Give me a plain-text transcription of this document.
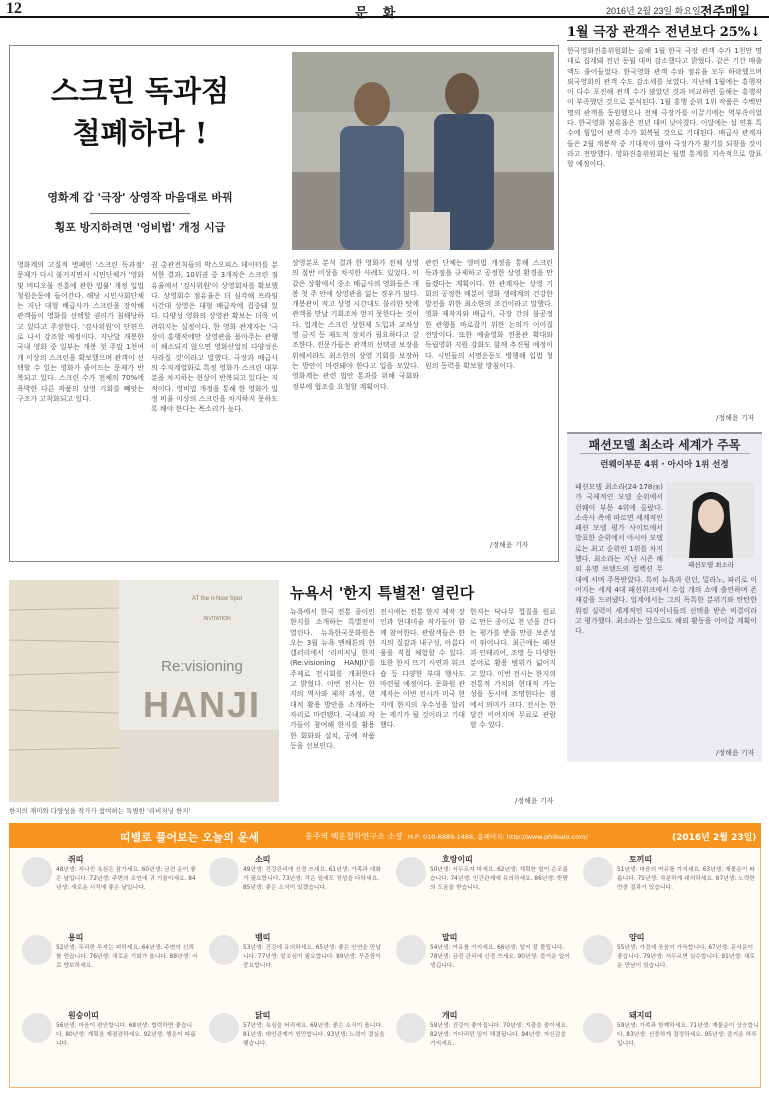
12	문 화	2016년 2월 23일 화요일 전주매일
스크린 독과점
철폐하라 !
영화계 갑 '극장' 상영작 마음대로 바꿔
횡포 방지하려면 '엉비법' 개정 시급
영화계의 고질적 병폐인 '스크린 독과점' 문제가 다시 불거지면서 시민단체가 '영화 및 비디오물 진흥에 관한 법률' 개정 입법 청원운동에 들어간다. 해당 시민사회단체는 지난 대형 배급사가 스크린을 장악해 관객들이 영화를 선택할 권리가 침해당하고 있다고 주장한다. '검사위원'이 단편으로 나서 강조할 예정이다. 지난달 개봉한 국내 영화 중 일부는 개봉 첫 주말 1천여 개 이상의 스크린을 확보했으며 관객이 선택할 수 있는 영화가 줄어드는 문제가 반복되고 있다. 스크린 수가 전체의 70%에 육박한 다른 작품의 상영 기회를 빼앗는 구조가 고착화되고 있다.
권 총관전칙들의 박스오피스 데이터를 분석한 결과, 10위권 중 3개작은 스크린 점유율에서 '검사위원'이 상영회차를 확보했다. 상영회수 점유율은 더 심각해 프라임 시간대 상영은 대형 배급작에 집중돼 있다. 다양성 영화의 상영관 확보는 더욱 어려워지는 실정이다. 한 영화 관계자는 '극장이 흥행작에만 상영관을 몰아주는 관행이 해소되지 않으면 영화산업의 다양성은 사라질 것'이라고 말했다. 극장과 배급사의 수직계열화로 특정 영화가 스크린 대부분을 차지하는 현상이 반복되고 있다는 지적이다. 영비법 개정을 통해 한 영화가 일정 비율 이상의 스크린을 차지하지 못하도록 해야 한다는 목소리가 높다.
상영분포 분석 결과 한 영화가 전체 상영의 절반 이상을 차지한 사례도 있었다. 이 같은 상황에서 중소 배급사의 영화들은 개봉 첫 주 안에 상영관을 잃는 경우가 많다. 개봉관이 적고 상영 시간대도 불리한 탓에 관객을 만날 기회조차 얻지 못한다는 것이다. 업계는 스크린 상한제 도입과 교차상영 금지 등 제도적 장치가 필요하다고 강조한다. 전문가들은 관객의 선택권 보장을 위해서라도 최소한의 상영 기회를 보장하는 방안이 마련돼야 한다고 입을 모았다. 영화계는 관련 법안 통과를 위해 국회와 정부에 협조를 요청할 계획이다.
관련 단체는 영비법 개정을 통해 스크린 독과점을 규제하고 공정한 상영 환경을 만들겠다는 계획이다. 한 관계자는 상영 기회의 공정한 배분이 영화 생태계의 건강한 발전을 위한 최소한의 조건이라고 말했다. 영화 제작자와 배급사, 극장 간의 불공정한 관행을 바로잡기 위한 논의가 이어질 전망이다. 또한 예술영화 전용관 확대와 독립영화 지원 강화도 함께 추진될 예정이다. 시민들의 서명운동도 병행해 입법 청원의 동력을 확보할 방침이다.
/정해윤 기자
1월 극장 관객수 전년보다 25%↓
한국영화진흥위원회는 올해 1월 한국 극장 관객 수가 1천만 명대로 집계돼 전년 동월 대비 감소했다고 밝혔다. 같은 기간 매출액도 줄어들었다. 한국영화 관객 수와 점유율 모두 하락했으며 외국영화의 관객 수도 감소세를 보였다. 지난해 1월에는 흥행작이 다수 포진해 관객 수가 많았던 것과 비교하면 올해는 흥행작이 부족했던 것으로 분석된다. 1월 흥행 순위 1위 작품은 수백만 명의 관객을 동원했으나 전체 극장가를 이끌기에는 역부족이었다. 한국영화 점유율은 전년 대비 낮아졌다. 이달에는 설 연휴 특수에 힘입어 관객 수가 회복될 것으로 기대된다. 배급사 관계자들은 2월 개봉작 중 기대작이 많아 극장가가 활기를 되찾을 것이라고 전망했다. 영화진흥위원회는 월별 통계를 지속적으로 발표할 예정이다.
/정해윤 기자
패션모델 최소라 세계가 주목
런웨이부문 4위 · 아시아 1위 선정
패션모델 최소라
패션모델 최소라(24·178㎝)가 국제적인 모델 순위에서 런웨이 부문 4위에 올랐다. 소속사 측에 따르면 세계적인 패션 모델 평가 사이트에서 발표한 순위에서 아시아 모델로는 최고 순위인 1위를 차지했다. 최소라는 지난 시즌 해외 유명 브랜드의 컬렉션 무대에 서며 주목받았다. 특히 뉴욕과 런던, 밀라노, 파리로 이어지는 세계 4대 패션위크에서 수십 개의 쇼에 출연하며 존재감을 드러냈다. 업계에서는 그의 독특한 분위기와 탄탄한 워킹 실력이 세계적인 디자이너들의 선택을 받은 비결이라고 평가했다. 최소라는 앞으로도 해외 활동을 이어갈 계획이다.
/정해윤 기자
AT the n-Now Spot
INVITATION
Re:visioning
HANJI
한지의 재미와 다양성을 작가가 참여하는 특별한 '리비저닝 한지'
뉴욕서 '한지 특별전' 열린다
뉴욕에서 한국 전통 종이인 한지를 소개하는 특별전이 열린다. 뉴욕한국문화원은 오는 3월 뉴욕 맨해튼의 한 갤러리에서 '리비저닝 한지(Re:visioning HANJI)'를 주제로 전시회를 개최한다고 밝혔다. 이번 전시는 한지의 역사와 제작 과정, 현대적 활용 방안을 소개하는 자리로 마련됐다. 국내외 작가들이 참여해 한지를 활용한 회화와 설치, 공예 작품 등을 선보인다.
전시에는 전통 한지 제작 장인과 현대미술 작가들이 함께 참여한다. 관람객들은 한지의 질감과 내구성, 아름다움을 직접 체험할 수 있다. 또한 한지 뜨기 시연과 워크숍 등 다양한 부대 행사도 마련될 예정이다. 문화원 관계자는 이번 전시가 미국 현지에 한지의 우수성을 알리는 계기가 될 것이라고 기대했다.
한지는 닥나무 껍질을 원료로 만든 종이로 천 년을 간다는 평가를 받을 만큼 보존성이 뛰어나다. 최근에는 패션과 인테리어, 조명 등 다양한 분야로 활용 범위가 넓어지고 있다. 이번 전시는 한지의 전통적 가치와 현대적 가능성을 동시에 조명한다는 점에서 의미가 크다. 전시는 한 달간 이어지며 무료로 관람할 수 있다.
/정해윤 기자
띠별로 풀어보는 오늘의 운세	홍주역 백운철학연구소 소장 H.P: 010-6889-1488, 홈페이지: http://www.philoalo.com/	(2016년 2월 23일)
쥐띠
48년생: 지나친 욕심은 삼가세요. 60년생: 금전 운이 좋은 날입니다. 72년생: 주변의 조언에 귀 기울이세요. 84년생: 새로운 시작에 좋은 날입니다.
소띠
49년생: 건강관리에 신경 쓰세요. 61년생: 가족과 대화가 필요합니다. 73년생: 작은 일에도 정성을 다하세요. 85년생: 좋은 소식이 있겠습니다.
호랑이띠
50년생: 서두르지 마세요. 62년생: 계획한 일이 순조롭습니다. 74년생: 인간관계에 유의하세요. 86년생: 뜻밖의 도움을 받습니다.
토끼띠
51년생: 마음의 여유를 가지세요. 63년생: 재물운이 따릅니다. 75년생: 차분하게 대처하세요. 87년생: 노력한 만큼 결과가 있습니다.
용띠
52년생: 무리한 투자는 피하세요. 64년생: 주변의 신뢰를 얻습니다. 76년생: 새로운 기회가 옵니다. 88년생: 서로 양보하세요.
뱀띠
53년생: 건강에 유의하세요. 65년생: 좋은 인연을 만납니다. 77년생: 말조심이 필요합니다. 89년생: 꾸준함이 중요합니다.
말띠
54년생: 여유를 가지세요. 66년생: 일이 잘 풀립니다. 78년생: 금전 관리에 신경 쓰세요. 90년생: 즐거운 일이 생깁니다.
양띠
55년생: 가정에 웃음이 가득합니다. 67년생: 문서운이 좋습니다. 79년생: 서두르면 실수합니다. 91년생: 새로운 만남이 있습니다.
원숭이띠
56년생: 마음이 편안합니다. 68년생: 협력하면 좋습니다. 80년생: 계획을 재점검하세요. 92년생: 행운이 따릅니다.
닭띠
57년생: 욕심을 버리세요. 69년생: 좋은 소식이 옵니다. 81년생: 대인관계가 원만합니다. 93년생: 노력이 결실을 맺습니다.
개띠
58년생: 건강이 좋아집니다. 70년생: 지출을 줄이세요. 82년생: 기다리던 일이 해결됩니다. 94년생: 자신감을 가지세요.
돼지띠
59년생: 가족과 함께하세요. 71년생: 재물운이 상승합니다. 83년생: 신중하게 결정하세요. 95년생: 즐거운 하루입니다.
